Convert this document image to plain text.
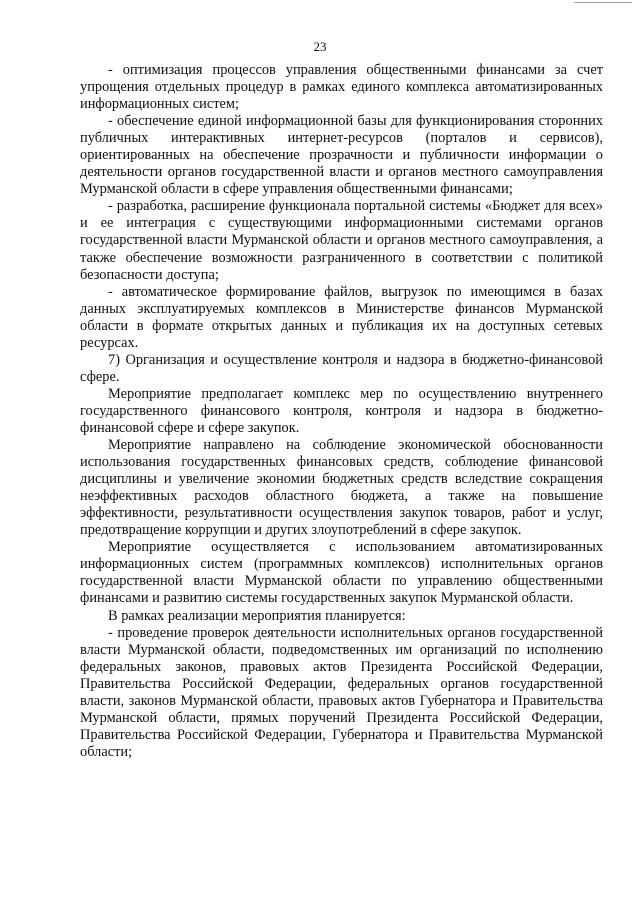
23

- оптимизация процессов управления общественными финансами за счет упрощения отдельных процедур в рамках единого комплекса автоматизированных информационных систем;

- обеспечение единой информационной базы для функционирования сторонних публичных интерактивных интернет-ресурсов (порталов и сервисов), ориентированных на обеспечение прозрачности и публичности информации о деятельности органов государственной власти и органов местного самоуправления Мурманской области в сфере управления общественными финансами;

- разработка, расширение функционала портальной системы «Бюджет для всех» и ее интеграция с существующими информационными системами органов государственной власти Мурманской области и органов местного самоуправления, а также обеспечение возможности разграниченного в соответствии с политикой безопасности доступа;

- автоматическое формирование файлов, выгрузок по имеющимся в базах данных эксплуатируемых комплексов в Министерстве финансов Мурманской области в формате открытых данных и публикация их на доступных сетевых ресурсах.

7) Организация и осуществление контроля и надзора в бюджетно-финансовой сфере.

Мероприятие предполагает комплекс мер по осуществлению внутреннего государственного финансового контроля, контроля и надзора в бюджетно-финансовой сфере и сфере закупок.

Мероприятие направлено на соблюдение экономической обоснованности использования государственных финансовых средств, соблюдение финансовой дисциплины и увеличение экономии бюджетных средств вследствие сокращения неэффективных расходов областного бюджета, а также на повышение эффективности, результативности осуществления закупок товаров, работ и услуг, предотвращение коррупции и других злоупотреблений в сфере закупок.

Мероприятие осуществляется с использованием автоматизированных информационных систем (программных комплексов) исполнительных органов государственной власти Мурманской области по управлению общественными финансами и развитию системы государственных закупок Мурманской области.

В рамках реализации мероприятия планируется:

- проведение проверок деятельности исполнительных органов государственной власти Мурманской области, подведомственных им организаций по исполнению федеральных законов, правовых актов Президента Российской Федерации, Правительства Российской Федерации, федеральных органов государственной власти, законов Мурманской области, правовых актов Губернатора и Правительства Мурманской области, прямых поручений Президента Российской Федерации, Правительства Российской Федерации, Губернатора и Правительства Мурманской области;
